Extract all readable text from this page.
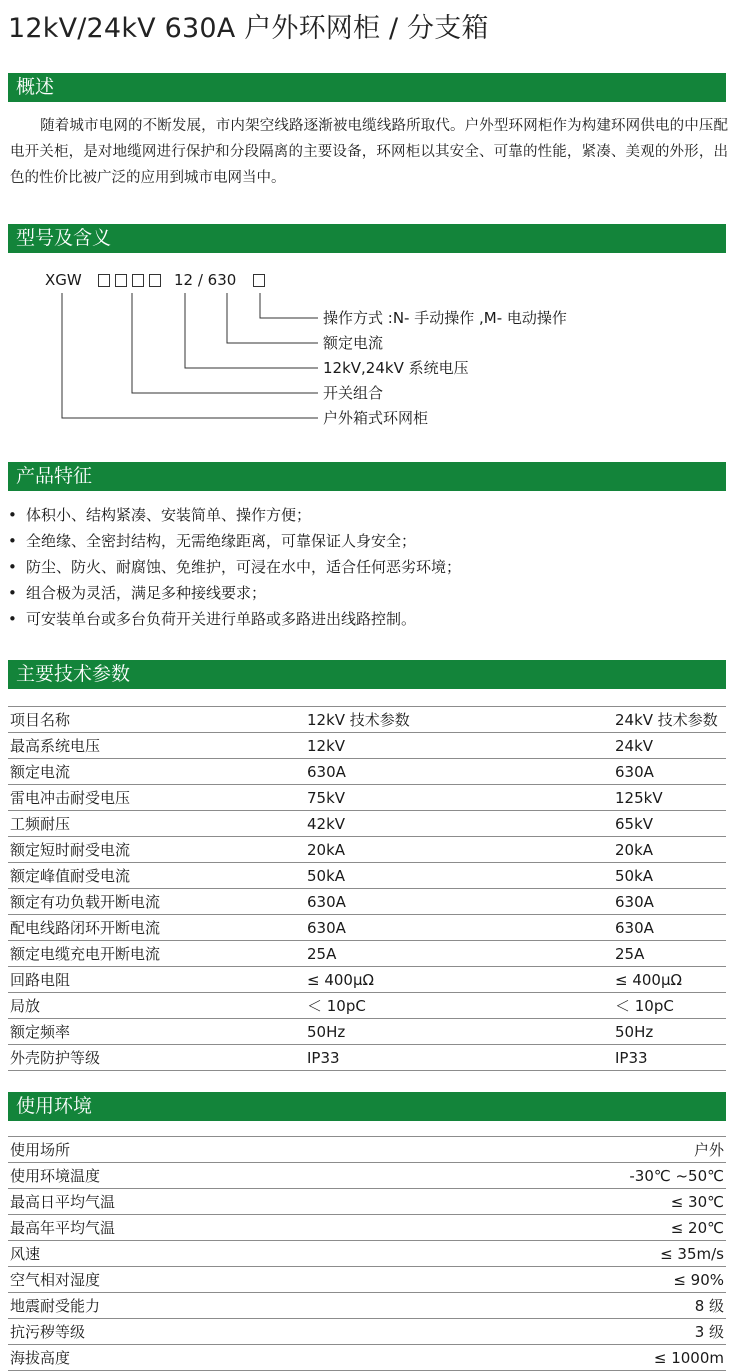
12kV/24kV 630A 户外环网柜 / 分支箱
概述

随着城市电网的不断发展，市内架空线路逐渐被电缆线路所取代。户外型环网柜作为构建环网供电的中压配电开关柜，是对地缆网进行保护和分段隔离的主要设备，环网柜以其安全、可靠的性能，紧凑、美观的外形，出色的性价比被广泛的应用到城市电网当中。

型号及含义
XGW	12 / 630
操作方式 :N- 手动操作 ,M- 电动操作
额定电流
12kV,24kV 系统电压
开关组合
户外箱式环网柜
产品特征
• 体积小、结构紧凑、安装简单、操作方便；
• 全绝缘、全密封结构，无需绝缘距离，可靠保证人身安全；
• 防尘、防火、耐腐蚀、免维护，可浸在水中，适合任何恶劣环境；
• 组合极为灵活，满足多种接线要求；
• 可安装单台或多台负荷开关进行单路或多路进出线路控制。
主要技术参数
项目名称	12kV 技术参数	24kV 技术参数
最高系统电压	12kV	24kV
额定电流	630A	630A
雷电冲击耐受电压	75kV	125kV
工频耐压	42kV	65kV
额定短时耐受电流	20kA	20kA
额定峰值耐受电流	50kA	50kA
额定有功负载开断电流	630A	630A
配电线路闭环开断电流	630A	630A
额定电缆充电开断电流	25A	25A
回路电阻	≤ 400μΩ	≤ 400μΩ
局放	＜ 10pC	＜ 10pC
额定频率	50Hz	50Hz
外壳防护等级	IP33	IP33
使用环境
使用场所	户外
使用环境温度	-30℃ ~50℃
最高日平均气温	≤ 30℃
最高年平均气温	≤ 20℃
风速	≤ 35m/s
空气相对湿度	≤ 90%
地震耐受能力	8 级
抗污秽等级	3 级
海拔高度	≤ 1000m
